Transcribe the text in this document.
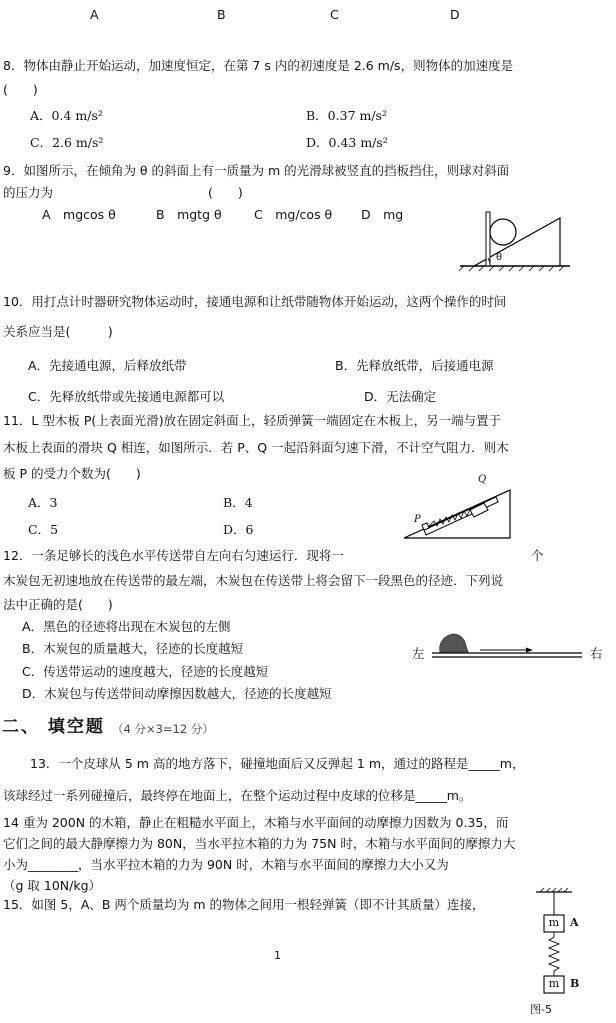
A	B	C	D
8．物体由静止开始运动，加速度恒定，在第 7 s 内的初速度是 2.6 m/s，则物体的加速度是
(　　)
A．0.4 m/s²	B．0.37 m/s²
C．2.6 m/s²	D．0.43 m/s²
9．如图所示，在倾角为 θ 的斜面上有一质量为 m 的光滑球被竖直的挡板挡住，则球对斜面
的压力为	(　　)
A　mgcos θ	B　mgtg θ	C　mg/cos θ D　mg
θ
10．用打点计时器研究物体运动时，接通电源和让纸带随物体开始运动，这两个操作的时间
关系应当是(　　　)
A．先接通电源，后释放纸带	B．先释放纸带，后接通电源
C．先释放纸带或先接通电源都可以	D．无法确定
11．L 型木板 P(上表面光滑)放在固定斜面上，轻质弹簧一端固定在木板上，另一端与置于
木板上表面的滑块 Q 相连，如图所示．若 P、Q 一起沿斜面匀速下滑，不计空气阻力．则木
板 P 的受力个数为(　　)
A．3	B．4
C．5	D．6
P
Q
12．一条足够长的浅色水平传送带自左向右匀速运行．现将一	个
木炭包无初速地放在传送带的最左端，木炭包在传送带上将会留下一段黑色的径迹．下列说
法中正确的是(　　)
A．黑色的径迹将出现在木炭包的左侧
B．木炭包的质量越大，径迹的长度越短
C．传送带运动的速度越大，径迹的长度越短
D．木炭包与传送带间动摩擦因数越大，径迹的长度越短
左	右
二、 填空题 （4 分×3=12 分）
13．一个皮球从 5 m 高的地方落下，碰撞地面后又反弹起 1 m，通过的路程是_____m，
该球经过一系列碰撞后，最终停在地面上，在整个运动过程中皮球的位移是_____m。
14 重为 200N 的木箱，静止在粗糙水平面上，木箱与水平面间的动摩擦力因数为 0.35，而
它们之间的最大静摩擦力为 80N，当水平拉木箱的力为 75N 时，木箱与水平面间的摩擦力大
小为________，当水平拉木箱的力为 90N 时，木箱与水平面间的摩擦力大小又为
（g 取 10N/kg）
15．如图 5，A、B 两个质量均为 m 的物体之间用一根轻弹簧（即不计其质量）连接，
1
m
m
A
B
图-5
